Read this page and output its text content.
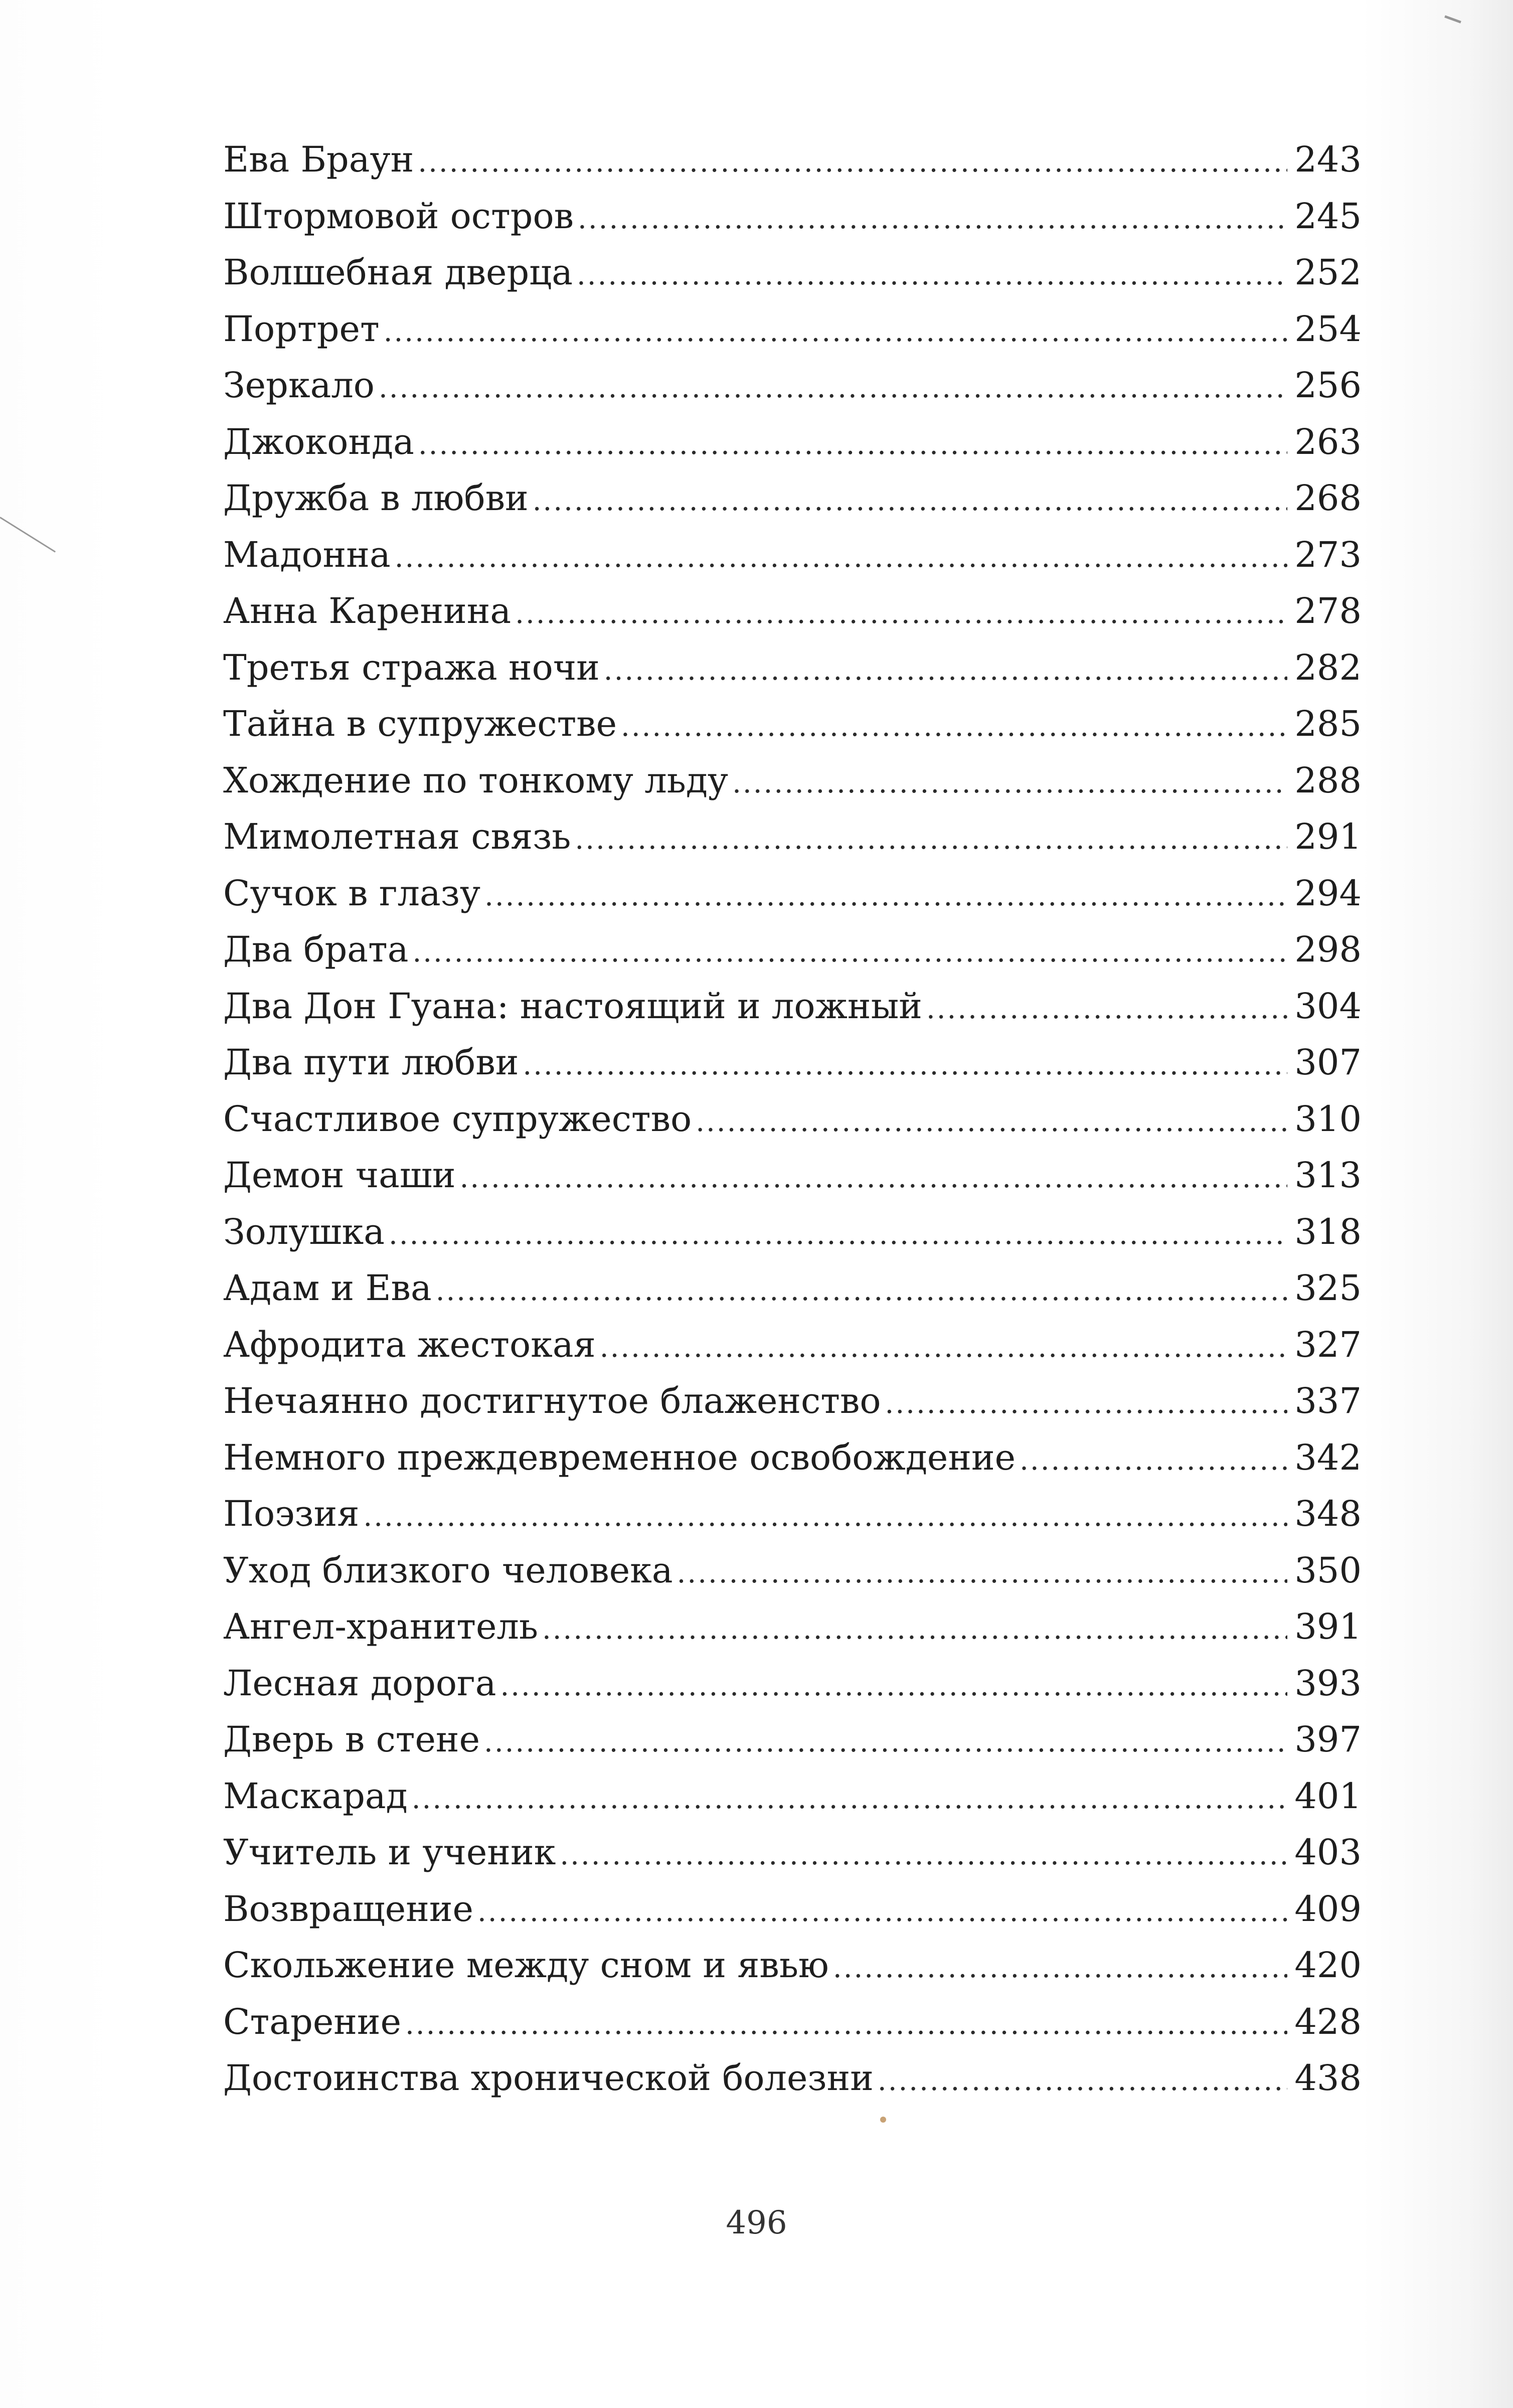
Ева Браун .....	243
Штормовой остров .....	245
Волшебная дверца .....	252
Портрет .....	254
Зеркало .....	256
Джоконда .....	263
Дружба в любви .....	268
Мадонна .....	273
Анна Каренина .....	278
Третья стража ночи .....	282
Тайна в супружестве .....	285
Хождение по тонкому льду .....	288
Мимолетная связь .....	291
Сучок в глазу .....	294
Два брата .....	298
Два Дон Гуана: настоящий и ложный .....	304
Два пути любви .....	307
Счастливое супружество .....	310
Демон чаши .....	313
Золушка .....	318
Адам и Ева .....	325
Афродита жестокая .....	327
Нечаянно достигнутое блаженство .....	337
Немного преждевременное освобождение .....	342
Поэзия .....	348
Уход близкого человека .....	350
Ангел-хранитель .....	391
Лесная дорога .....	393
Дверь в стене .....	397
Маскарад .....	401
Учитель и ученик .....	403
Возвращение .....	409
Скольжение между сном и явью .....	420
Старение .....	428
Достоинства хронической болезни .....	438
496
